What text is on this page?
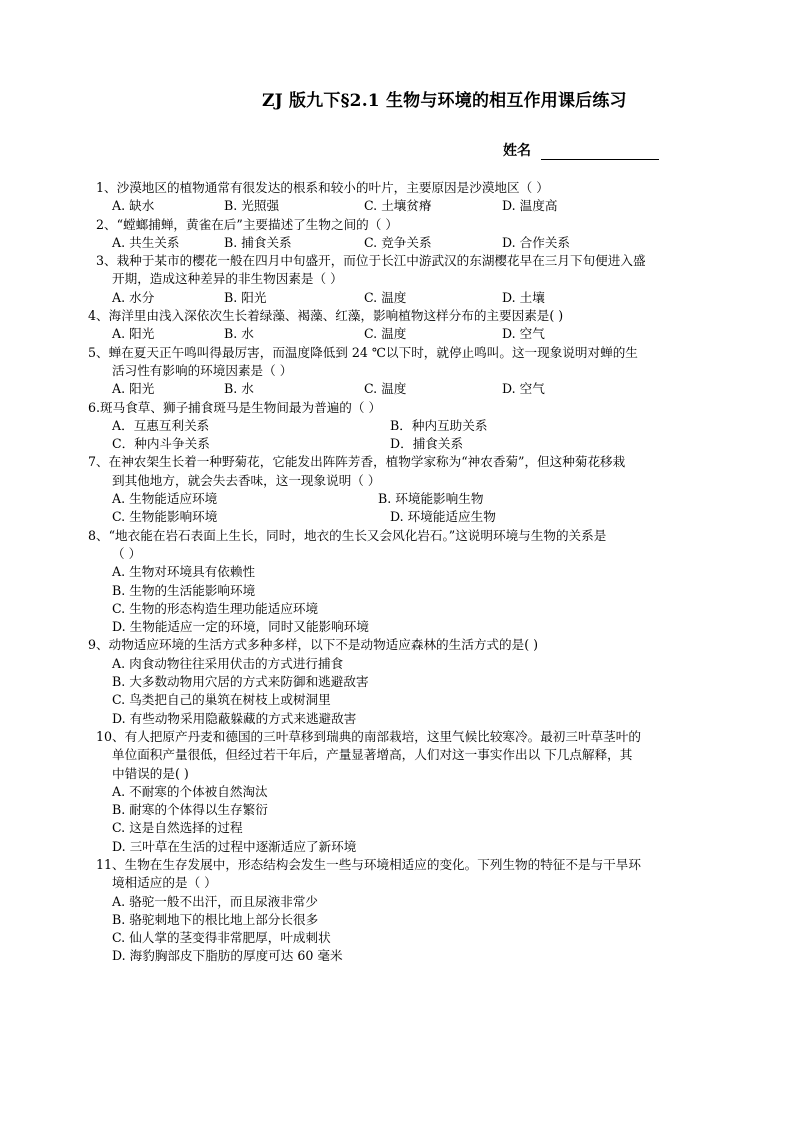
ZJ 版九下§2.1 生物与环境的相互作用课后练习
姓名
1、沙漠地区的植物通常有很发达的根系和较小的叶片，主要原因是沙漠地区（ ）
A. 缺水	B. 光照强	C. 土壤贫瘠	D. 温度高
2、“螳螂捕蝉，黄雀在后”主要描述了生物之间的（ ）
A. 共生关系	B. 捕食关系	C. 竞争关系	D. 合作关系
3、栽种于某市的樱花一般在四月中旬盛开，而位于长江中游武汉的东湖樱花早在三月下旬便进入盛
开期，造成这种差异的非生物因素是（ ）
A. 水分	B. 阳光	C. 温度	D. 土壤
4、海洋里由浅入深依次生长着绿藻、褐藻、红藻，影响植物这样分布的主要因素是( )
A. 阳光	B. 水	C. 温度	D. 空气
5、蝉在夏天正午鸣叫得最厉害，而温度降低到 24 ℃以下时，就停止鸣叫。这一现象说明对蝉的生
活习性有影响的环境因素是（ ）
A. 阳光	B. 水	C. 温度	D. 空气
6.斑马食草、狮子捕食斑马是生物间最为普遍的（ ）
A．互惠互利关系	B．种内互助关系
C．种内斗争关系	D．捕食关系
7、在神农架生长着一种野菊花，它能发出阵阵芳香，植物学家称为“神农香菊”，但这种菊花移栽
到其他地方，就会失去香味，这一现象说明（ ）
A. 生物能适应环境	B. 环境能影响生物
C. 生物能影响环境	D. 环境能适应生物
8、“地衣能在岩石表面上生长，同时，地衣的生长又会风化岩石。”这说明环境与生物的关系是
（ ）
A. 生物对环境具有依赖性
B. 生物的生活能影响环境
C. 生物的形态构造生理功能适应环境
D. 生物能适应一定的环境，同时又能影响环境
9、动物适应环境的生活方式多种多样，以下不是动物适应森林的生活方式的是( )
A. 肉食动物往往采用伏击的方式进行捕食
B. 大多数动物用穴居的方式来防御和逃避敌害
C. 鸟类把自己的巢筑在树枝上或树洞里
D. 有些动物采用隐蔽躲藏的方式来逃避敌害
10、有人把原产丹麦和德国的三叶草移到瑞典的南部栽培，这里气候比较寒冷。最初三叶草茎叶的
单位面积产量很低，但经过若干年后，产量显著增高，人们对这一事实作出以 下几点解释，其
中错误的是( )
A. 不耐寒的个体被自然淘汰
B. 耐寒的个体得以生存繁衍
C. 这是自然选择的过程
D. 三叶草在生活的过程中逐渐适应了新环境
11、生物在生存发展中，形态结构会发生一些与环境相适应的变化。下列生物的特征不是与干旱环
境相适应的是（ ）
A. 骆驼一般不出汗，而且尿液非常少
B. 骆驼刺地下的根比地上部分长很多
C. 仙人掌的茎变得非常肥厚，叶成刺状
D. 海豹胸部皮下脂肪的厚度可达 60 毫米
